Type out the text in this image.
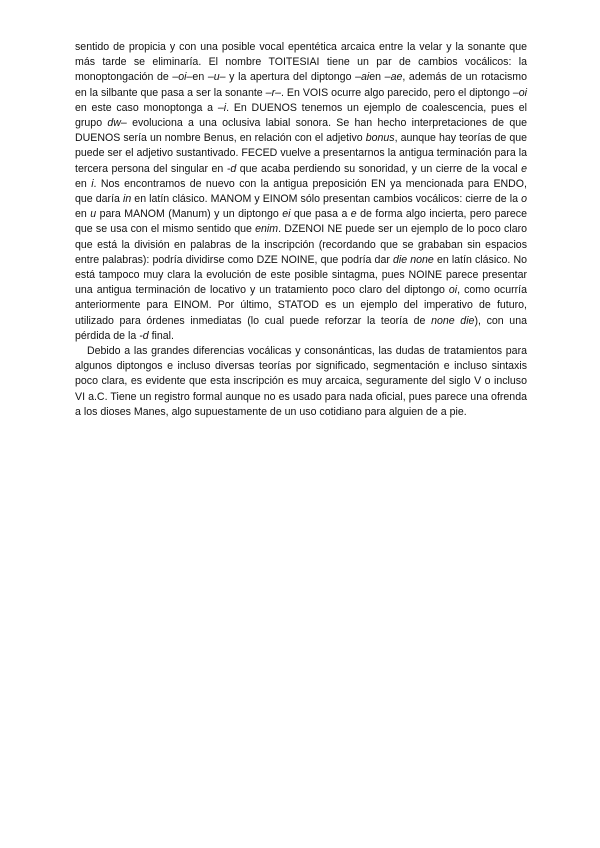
sentido de propicia y con una posible vocal epentética arcaica entre la velar y la sonante que más tarde se eliminaría. El nombre TOITESIAI tiene un par de cambios vocálicos: la monoptongación de –oi–en –u– y la apertura del diptongo –aien –ae, además de un rotacismo en la silbante que pasa a ser la sonante –r–. En VOIS ocurre algo parecido, pero el diptongo –oi en este caso monoptonga a –i. En DUENOS tenemos un ejemplo de coalescencia, pues el grupo dw– evoluciona a una oclusiva labial sonora. Se han hecho interpretaciones de que DUENOS sería un nombre Benus, en relación con el adjetivo bonus, aunque hay teorías de que puede ser el adjetivo sustantivado. FECED vuelve a presentarnos la antigua terminación para la tercera persona del singular en -d que acaba perdiendo su sonoridad, y un cierre de la vocal e en i. Nos encontramos de nuevo con la antigua preposición EN ya mencionada para ENDO, que daría in en latín clásico. MANOM y EINOM sólo presentan cambios vocálicos: cierre de la o en u para MANOM (Manum) y un diptongo ei que pasa a e de forma algo incierta, pero parece que se usa con el mismo sentido que enim. DZENOI NE puede ser un ejemplo de lo poco claro que está la división en palabras de la inscripción (recordando que se grababan sin espacios entre palabras): podría dividirse como DZE NOINE, que podría dar die none en latín clásico. No está tampoco muy clara la evolución de este posible sintagma, pues NOINE parece presentar una antigua terminación de locativo y un tratamiento poco claro del diptongo oi, como ocurría anteriormente para EINOM. Por último, STATOD es un ejemplo del imperativo de futuro, utilizado para órdenes inmediatas (lo cual puede reforzar la teoría de none die), con una pérdida de la -d final.

Debido a las grandes diferencias vocálicas y consonánticas, las dudas de tratamientos para algunos diptongos e incluso diversas teorías por significado, segmentación e incluso sintaxis poco clara, es evidente que esta inscripción es muy arcaica, seguramente del siglo V o incluso VI a.C. Tiene un registro formal aunque no es usado para nada oficial, pues parece una ofrenda a los dioses Manes, algo supuestamente de un uso cotidiano para alguien de a pie.
